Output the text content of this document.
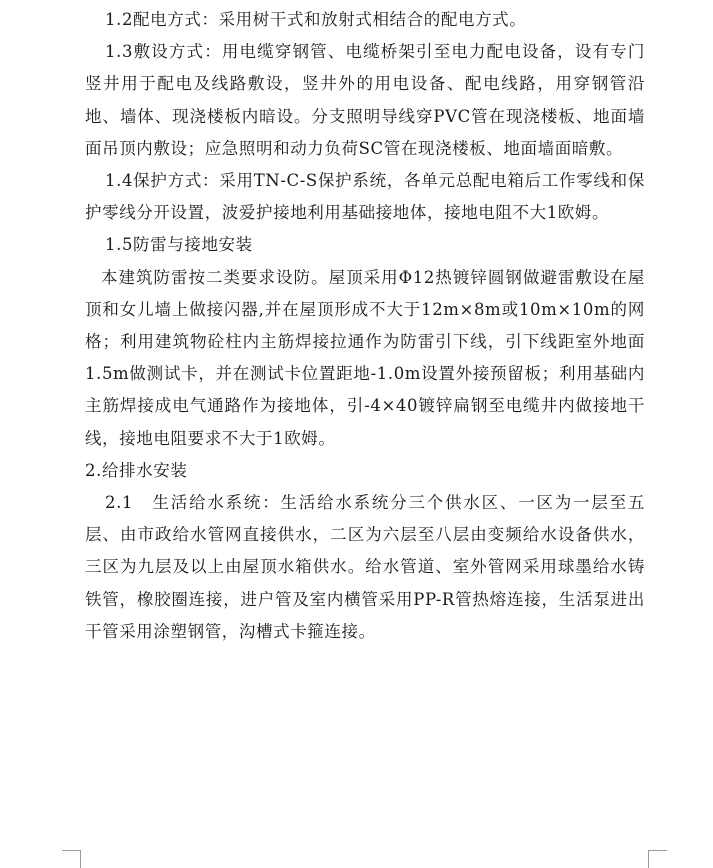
1.2配电方式：采用树干式和放射式相结合的配电方式。

1.3敷设方式：用电缆穿钢管、电缆桥架引至电力配电设备，设有专门竖井用于配电及线路敷设，竖井外的用电设备、配电线路，用穿钢管沿地、墙体、现浇楼板内暗设。分支照明导线穿PVC管在现浇楼板、地面墙面吊顶内敷设；应急照明和动力负荷SC管在现浇楼板、地面墙面暗敷。

1.4保护方式：采用TN-C-S保护系统，各单元总配电箱后工作零线和保护零线分开设置，波爱护接地利用基础接地体，接地电阻不大1欧姆。

1.5防雷与接地安装

本建筑防雷按二类要求设防。屋顶采用Φ12热镀锌圆钢做避雷敷设在屋顶和女儿墙上做接闪器,并在屋顶形成不大于12m×8m或10m×10m的网格；利用建筑物砼柱内主筋焊接拉通作为防雷引下线，引下线距室外地面1.5m做测试卡，并在测试卡位置距地-1.0m设置外接预留板；利用基础内主筋焊接成电气通路作为接地体，引-4×40镀锌扁钢至电缆井内做接地干线，接地电阻要求不大于1欧姆。

2.给排水安装

2.1　生活给水系统：生活给水系统分三个供水区、一区为一层至五层、由市政给水管网直接供水，二区为六层至八层由变频给水设备供水，三区为九层及以上由屋顶水箱供水。给水管道、室外管网采用球墨给水铸铁管，橡胶圈连接，进户管及室内横管采用PP-R管热熔连接，生活泵进出干管采用涂塑钢管，沟槽式卡箍连接。
